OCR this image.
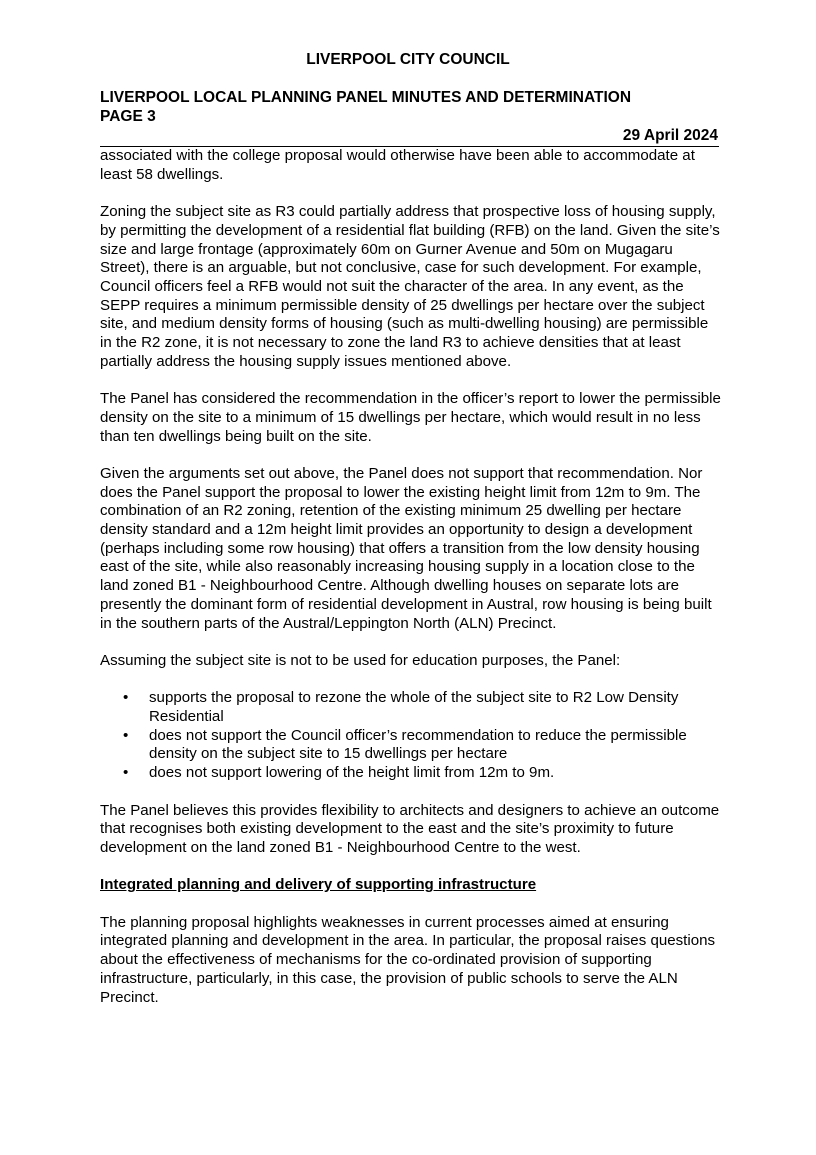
LIVERPOOL CITY COUNCIL
LIVERPOOL LOCAL PLANNING PANEL MINUTES AND DETERMINATION
PAGE 3
29 April 2024

associated with the college proposal would otherwise have been able to accommodate at least 58 dwellings.

Zoning the subject site as R3 could partially address that prospective loss of housing supply, by permitting the development of a residential flat building (RFB) on the land. Given the site’s size and large frontage (approximately 60m on Gurner Avenue and 50m on Mugagaru Street), there is an arguable, but not conclusive, case for such development. For example, Council officers feel a RFB would not suit the character of the area. In any event, as the SEPP requires a minimum permissible density of 25 dwellings per hectare over the subject site, and medium density forms of housing (such as multi-dwelling housing) are permissible in the R2 zone, it is not necessary to zone the land R3 to achieve densities that at least partially address the housing supply issues mentioned above.

The Panel has considered the recommendation in the officer’s report to lower the permissible density on the site to a minimum of 15 dwellings per hectare, which would result in no less than ten dwellings being built on the site.

Given the arguments set out above, the Panel does not support that recommendation. Nor does the Panel support the proposal to lower the existing height limit from 12m to 9m. The combination of an R2 zoning, retention of the existing minimum 25 dwelling per hectare density standard and a 12m height limit provides an opportunity to design a development (perhaps including some row housing) that offers a transition from the low density housing east of the site, while also reasonably increasing housing supply in a location close to the land zoned B1 - Neighbourhood Centre. Although dwelling houses on separate lots are presently the dominant form of residential development in Austral, row housing is being built in the southern parts of the Austral/Leppington North (ALN) Precinct.

Assuming the subject site is not to be used for education purposes, the Panel:

• supports the proposal to rezone the whole of the subject site to R2 Low Density Residential
• does not support the Council officer’s recommendation to reduce the permissible density on the subject site to 15 dwellings per hectare
• does not support lowering of the height limit from 12m to 9m.

The Panel believes this provides flexibility to architects and designers to achieve an outcome that recognises both existing development to the east and the site’s proximity to future development on the land zoned B1 - Neighbourhood Centre to the west.

Integrated planning and delivery of supporting infrastructure

The planning proposal highlights weaknesses in current processes aimed at ensuring integrated planning and development in the area. In particular, the proposal raises questions about the effectiveness of mechanisms for the co-ordinated provision of supporting infrastructure, particularly, in this case, the provision of public schools to serve the ALN Precinct.
